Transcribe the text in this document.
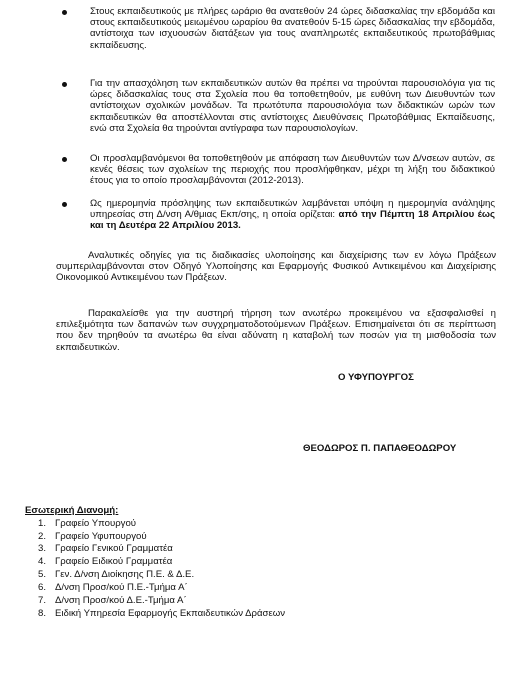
Στους εκπαιδευτικούς με πλήρες ωράριο θα ανατεθούν 24 ώρες διδασκαλίας την εβδομάδα και στους εκπαιδευτικούς μειωμένου ωραρίου θα ανατεθούν 5-15 ώρες διδασκαλίας την εβδομάδα, αντίστοιχα των ισχυουσών διατάξεων για τους αναπληρωτές εκπαιδευτικούς πρωτοβάθμιας εκπαίδευσης.
Για την απασχόληση των εκπαιδευτικών αυτών θα πρέπει να τηρούνται παρουσιολόγια για τις ώρες διδασκαλίας τους στα Σχολεία που θα τοποθετηθούν, με ευθύνη των Διευθυντών των αντίστοιχων σχολικών μονάδων. Τα πρωτότυπα παρουσιολόγια των διδακτικών ωρών των εκπαιδευτικών θα αποστέλλονται στις αντίστοιχες Διευθύνσεις Πρωτοβάθμιας Εκπαίδευσης, ενώ στα Σχολεία θα τηρούνται αντίγραφα των παρουσιολογίων.
Οι προσλαμβανόμενοι θα τοποθετηθούν με απόφαση των Διευθυντών των Δ/νσεων αυτών, σε κενές θέσεις των σχολείων της περιοχής που προσλήφθηκαν, μέχρι τη λήξη του διδακτικού έτους για το οποίο προσλαμβάνονται (2012-2013).
Ως ημερομηνία πρόσληψης των εκπαιδευτικών λαμβάνεται υπόψη η ημερομηνία ανάληψης υπηρεσίας στη Δ/νση Α/θμιας Εκπ/σης, η οποία ορίζεται: από την Πέμπτη 18 Απριλίου έως και τη Δευτέρα 22 Απριλίου 2013.
Αναλυτικές οδηγίες για τις διαδικασίες υλοποίησης και διαχείρισης των εν λόγω Πράξεων συμπεριλαμβάνονται στον Οδηγό Υλοποίησης και Εφαρμογής Φυσικού Αντικειμένου και Διαχείρισης Οικονομικού Αντικειμένου των Πράξεων.
Παρακαλείσθε για την αυστηρή τήρηση των ανωτέρω προκειμένου να εξασφαλισθεί η επιλεξιμότητα των δαπανών των συγχρηματοδοτούμενων Πράξεων. Επισημαίνεται ότι σε περίπτωση που δεν τηρηθούν τα ανωτέρω θα είναι αδύνατη η καταβολή των ποσών για τη μισθοδοσία των εκπαιδευτικών.
Ο ΥΦΥΠΟΥΡΓΟΣ
ΘΕΟΔΩΡΟΣ Π. ΠΑΠΑΘΕΟΔΩΡΟΥ
Εσωτερική Διανομή:
1. Γραφείο Υπουργού
2. Γραφείο Υφυπουργού
3. Γραφείο Γενικού Γραμματέα
4. Γραφείο Ειδικού Γραμματέα
5. Γεν. Δ/νση Διοίκησης Π.Ε. & Δ.Ε.
6. Δ/νση Προσ/κού Π.Ε.-Τμήμα Α΄
7. Δ/νση Προσ/κού Δ.Ε.-Τμήμα Α΄
8. Ειδική Υπηρεσία Εφαρμογής Εκπαιδευτικών Δράσεων
